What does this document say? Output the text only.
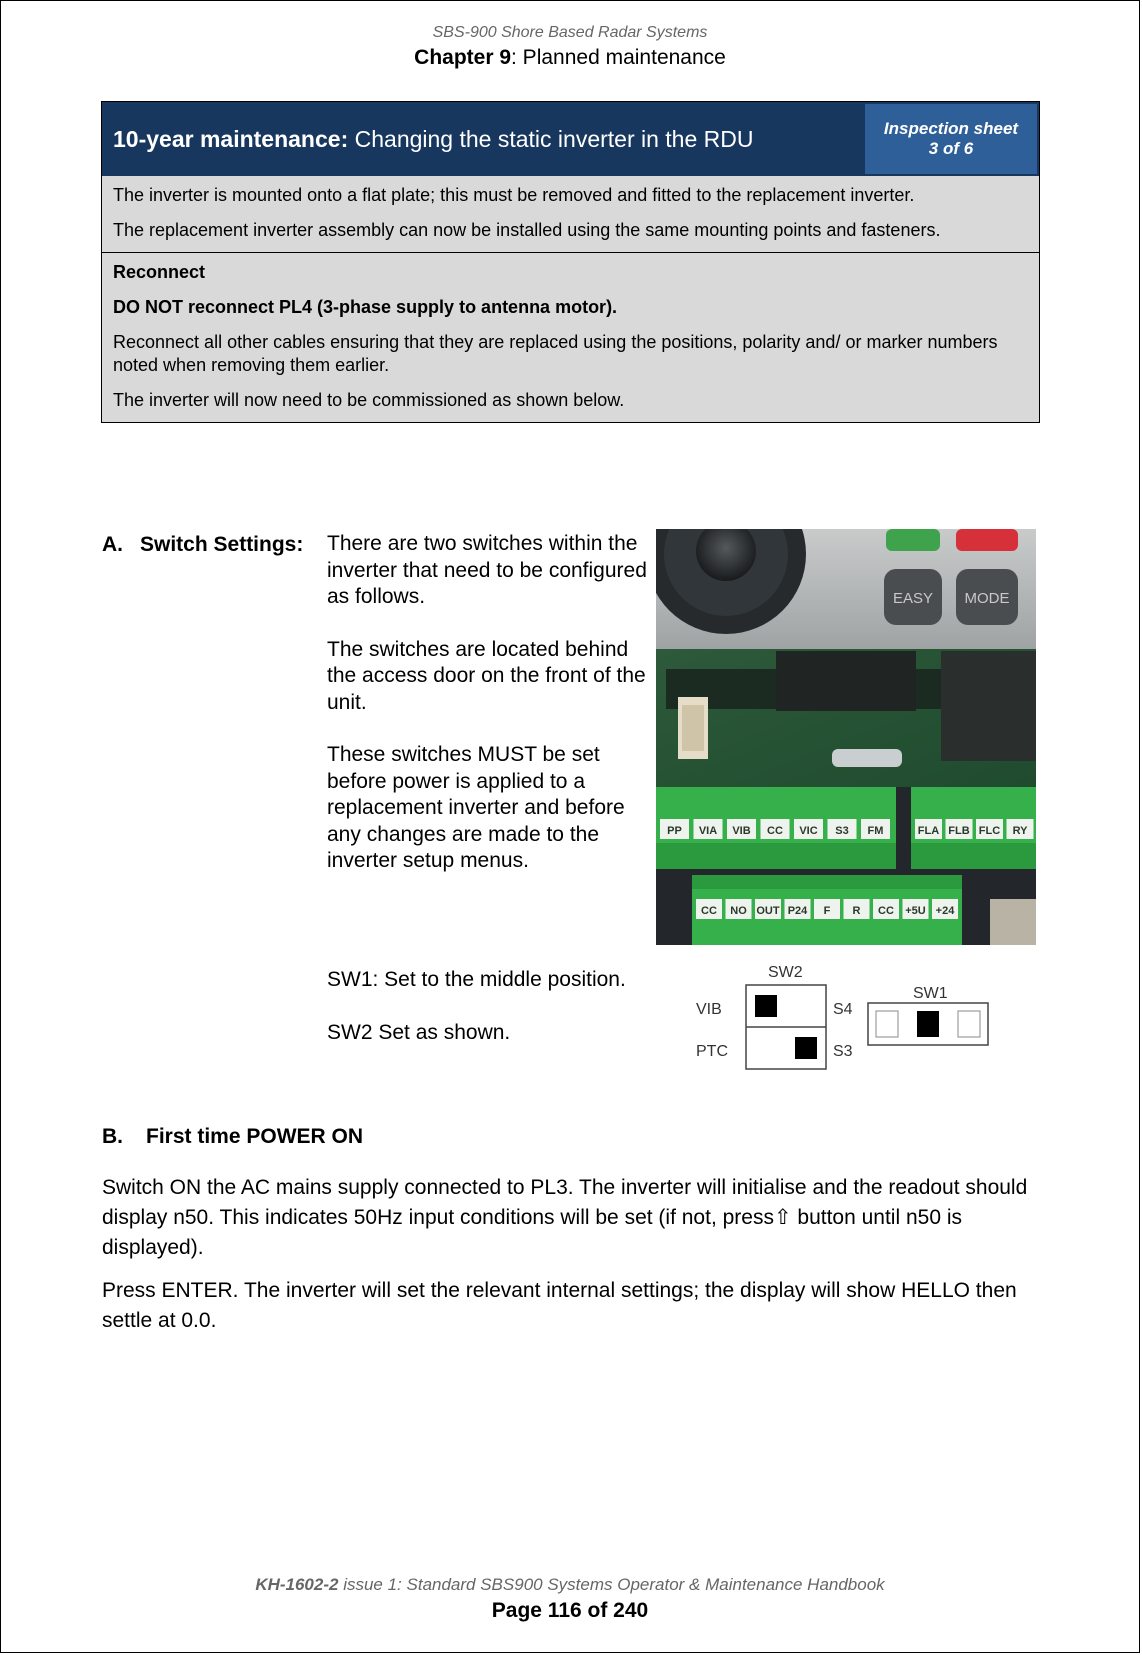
SBS-900 Shore Based Radar Systems
Chapter 9: Planned maintenance
10-year maintenance:
Changing the static inverter in the RDU	Inspection sheet
3 of 6

The inverter is mounted onto a flat plate; this must be removed and fitted to the replacement inverter.

The replacement inverter assembly can now be installed using the same mounting points and fasteners.

Reconnect

DO NOT reconnect PL4 (3-phase supply to antenna motor).

Reconnect all other cables ensuring that they are replaced using the positions, polarity and/ or marker numbers noted when removing them earlier.

The inverter will now need to be commissioned as shown below.

A. Switch Settings:	There are two switches within the inverter that need to be configured as follows.

The switches are located behind the access door on the front of the unit.

These switches MUST be set before power is applied to a replacement inverter and before any changes are made to the inverter setup menus.

EASY MODE
PP VIA VIB CC VIC S3 FM	FLA FLB FLC RY
CC NO OUT P24 F R CC +5U +24

SW1: Set to the middle position.

SW2 Set as shown.

SW2
SW1
VIB
PTC
S4
S3
B. First time POWER ON

Switch ON the AC mains supply connected to PL3. The inverter will initialise and the readout should display n50. This indicates 50Hz input conditions will be set (if not, press⇧ button until n50 is displayed).

Press ENTER. The inverter will set the relevant internal settings; the display will show HELLO then settle at 0.0.

KH-1602-2 issue 1: Standard SBS900 Systems Operator & Maintenance Handbook
Page 116 of 240
